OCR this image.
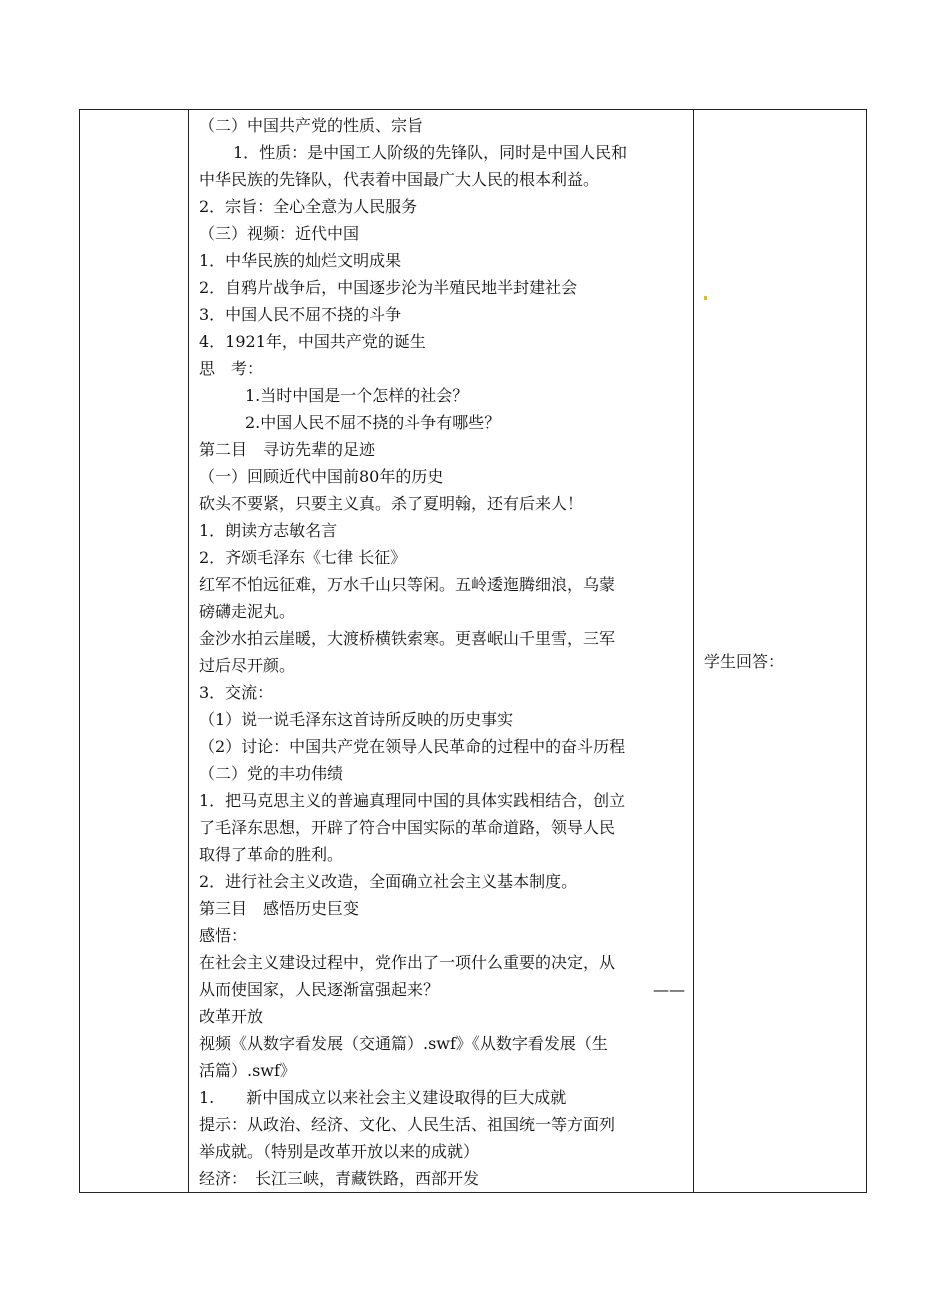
（二）中国共产党的性质、宗旨
1．性质：是中国工人阶级的先锋队，同时是中国人民和
中华民族的先锋队，代表着中国最广大人民的根本利益。
2．宗旨：全心全意为人民服务
（三）视频：近代中国
1．中华民族的灿烂文明成果
2．自鸦片战争后，中国逐步沦为半殖民地半封建社会
3．中国人民不屈不挠的斗争
4．1921年，中国共产党的诞生
思　考：
1.当时中国是一个怎样的社会？
2.中国人民不屈不挠的斗争有哪些？
第二目　寻访先辈的足迹
（一）回顾近代中国前80年的历史
砍头不要紧，只要主义真。杀了夏明翰，还有后来人！
1．朗读方志敏名言
2．齐颂毛泽东《七律 长征》
红军不怕远征难，万水千山只等闲。五岭逶迤腾细浪，乌蒙
磅礴走泥丸。
金沙水拍云崖暖，大渡桥横铁索寒。更喜岷山千里雪，三军
过后尽开颜。
3．交流：
（1）说一说毛泽东这首诗所反映的历史事实
（2）讨论：中国共产党在领导人民革命的过程中的奋斗历程
（二）党的丰功伟绩
1．把马克思主义的普遍真理同中国的具体实践相结合，创立
了毛泽东思想，开辟了符合中国实际的革命道路，领导人民
取得了革命的胜利。
2．进行社会主义改造，全面确立社会主义基本制度。
第三目　感悟历史巨变
感悟：
在社会主义建设过程中，党作出了一项什么重要的决定，从
从而使国家，人民逐渐富强起来？	——
改革开放
视频《从数字看发展（交通篇）.swf》《从数字看发展（生
活篇）.swf》
1.　　新中国成立以来社会主义建设取得的巨大成就
提示：从政治、经济、文化、人民生活、祖国统一等方面列
举成就。（特别是改革开放以来的成就）
经济：　长江三峡，青藏铁路，西部开发

学生回答：
